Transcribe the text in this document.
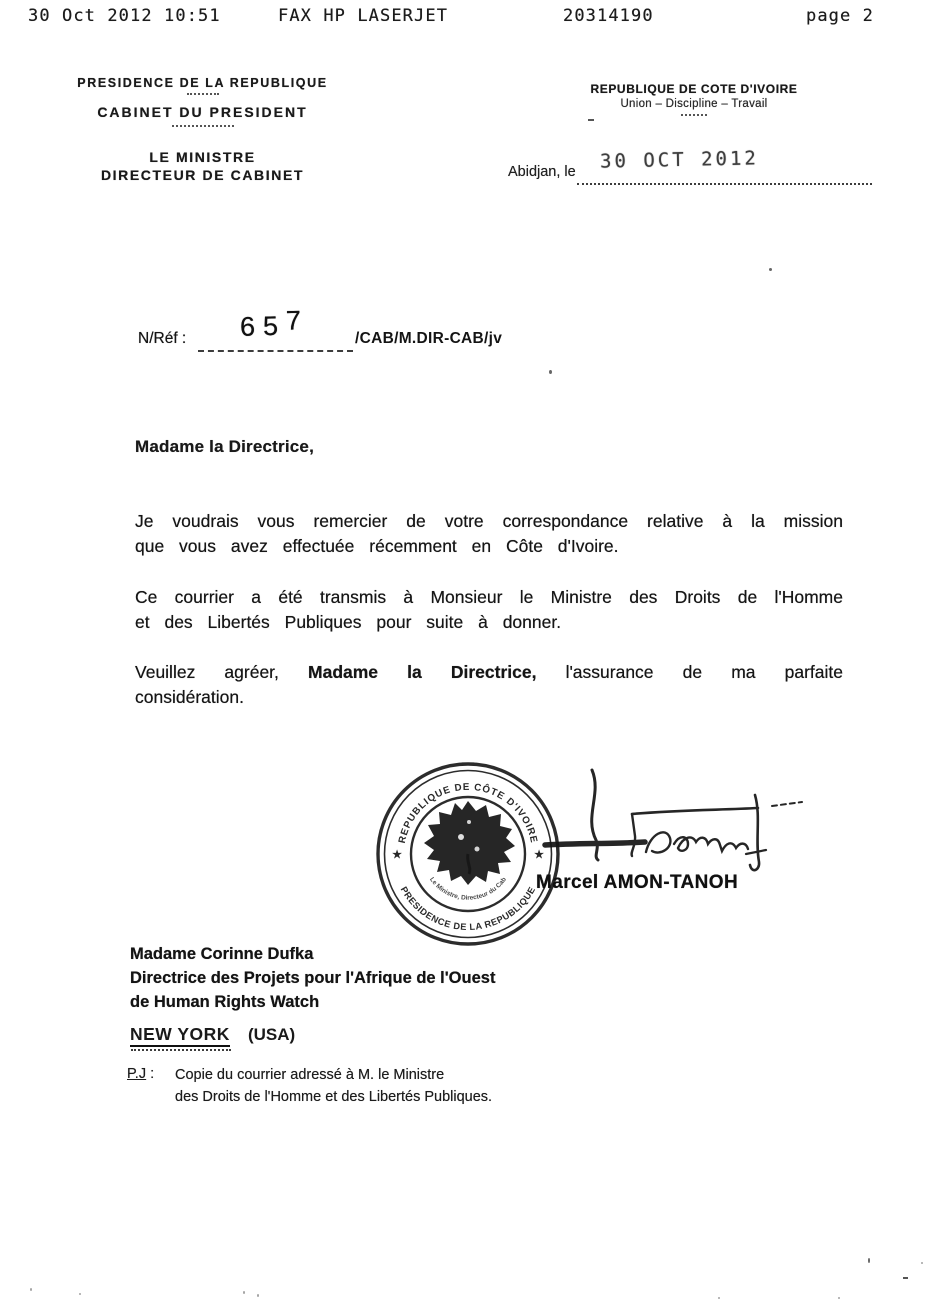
30 Oct 2012 10:51	FAX HP LASERJET	20314190	page 2
PRESIDENCE DE LA REPUBLIQUE
CABINET DU PRESIDENT
LE MINISTRE
DIRECTEUR DE CABINET
REPUBLIQUE DE COTE D'IVOIRE
Union – Discipline – Travail
Abidjan, le 30 OCT 2012
N/Réf : 657
/CAB/M.DIR-CAB/jv
Madame la Directrice,

Je voudrais vous remercier de votre correspondance relative à la mission que vous avez effectuée récemment en Côte d'Ivoire.

Ce courrier a été transmis à Monsieur le Ministre des Droits de l'Homme et des Libertés Publiques pour suite à donner.

Veuillez agréer, Madame la Directrice, l'assurance de ma parfaite considération.

REPUBLIQUE DE CÔTE D'IVOIRE
PRESIDENCE DE LA REPUBLIQUE
Le Ministre, Directeur du Cab
★	★
Marcel AMON-TANOH
Madame Corinne Dufka
Directrice des Projets pour l'Afrique de l'Ouest
de Human Rights Watch
NEW YORK (USA)
P.J : Copie du courrier adressé à M. le Ministre
des Droits de l'Homme et des Libertés Publiques.
